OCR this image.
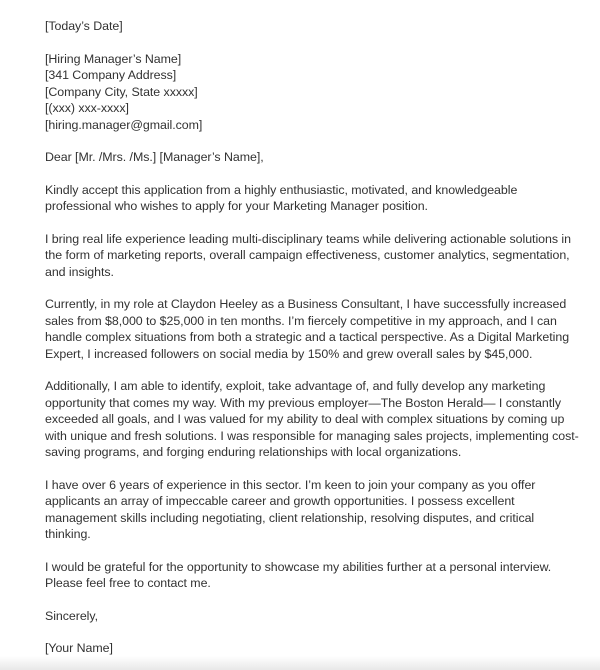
[Today’s Date]

[Hiring Manager’s Name]
[341 Company Address]
[Company City, State xxxxx]
[(xxx) xxx-xxxx]
[hiring.manager@gmail.com]

Dear [Mr. /Mrs. /Ms.] [Manager’s Name],

Kindly accept this application from a highly enthusiastic, motivated, and knowledgeable professional who wishes to apply for your Marketing Manager position.

I bring real life experience leading multi-disciplinary teams while delivering actionable solutions in the form of marketing reports, overall campaign effectiveness, customer analytics, segmentation, and insights.

Currently, in my role at Claydon Heeley as a Business Consultant, I have successfully increased sales from $8,000 to $25,000 in ten months. I’m fiercely competitive in my approach, and I can handle complex situations from both a strategic and a tactical perspective. As a Digital Marketing Expert, I increased followers on social media by 150% and grew overall sales by $45,000.

Additionally, I am able to identify, exploit, take advantage of, and fully develop any marketing opportunity that comes my way. With my previous employer—The Boston Herald— I constantly exceeded all goals, and I was valued for my ability to deal with complex situations by coming up with unique and fresh solutions. I was responsible for managing sales projects, implementing cost-saving programs, and forging enduring relationships with local organizations.

I have over 6 years of experience in this sector. I’m keen to join your company as you offer applicants an array of impeccable career and growth opportunities. I possess excellent management skills including negotiating, client relationship, resolving disputes, and critical thinking.

I would be grateful for the opportunity to showcase my abilities further at a personal interview. Please feel free to contact me.

Sincerely,

[Your Name]
